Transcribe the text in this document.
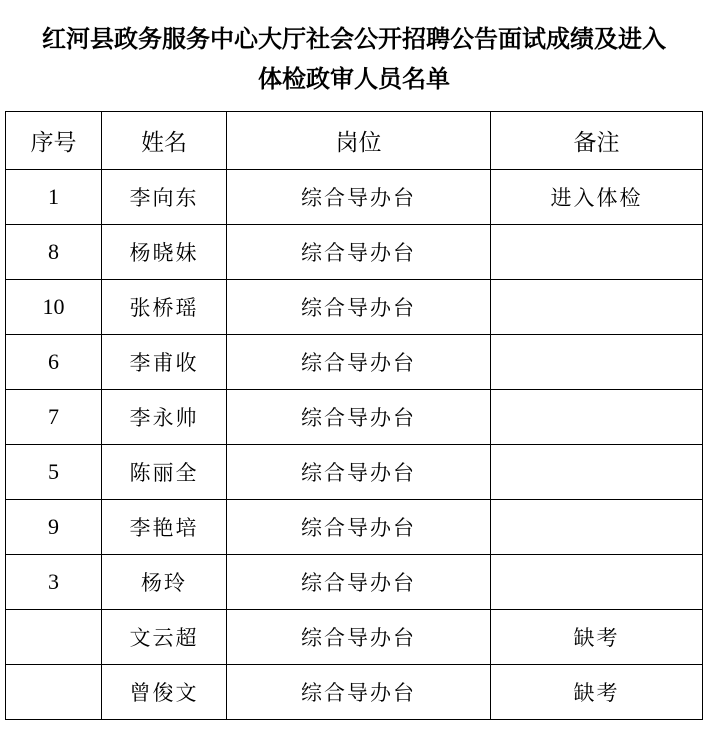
红河县政务服务中心大厅社会公开招聘公告面试成绩及进入
体检政审人员名单
序号	姓名	岗位	备注
1	李向东	综合导办台	进入体检
8	杨晓妹	综合导办台	
10	张桥瑶	综合导办台	
6	李甫收	综合导办台	
7	李永帅	综合导办台	
5	陈丽全	综合导办台	
9	李艳培	综合导办台	
3	杨玲	综合导办台	
	文云超	综合导办台	缺考
	曾俊文	综合导办台	缺考
